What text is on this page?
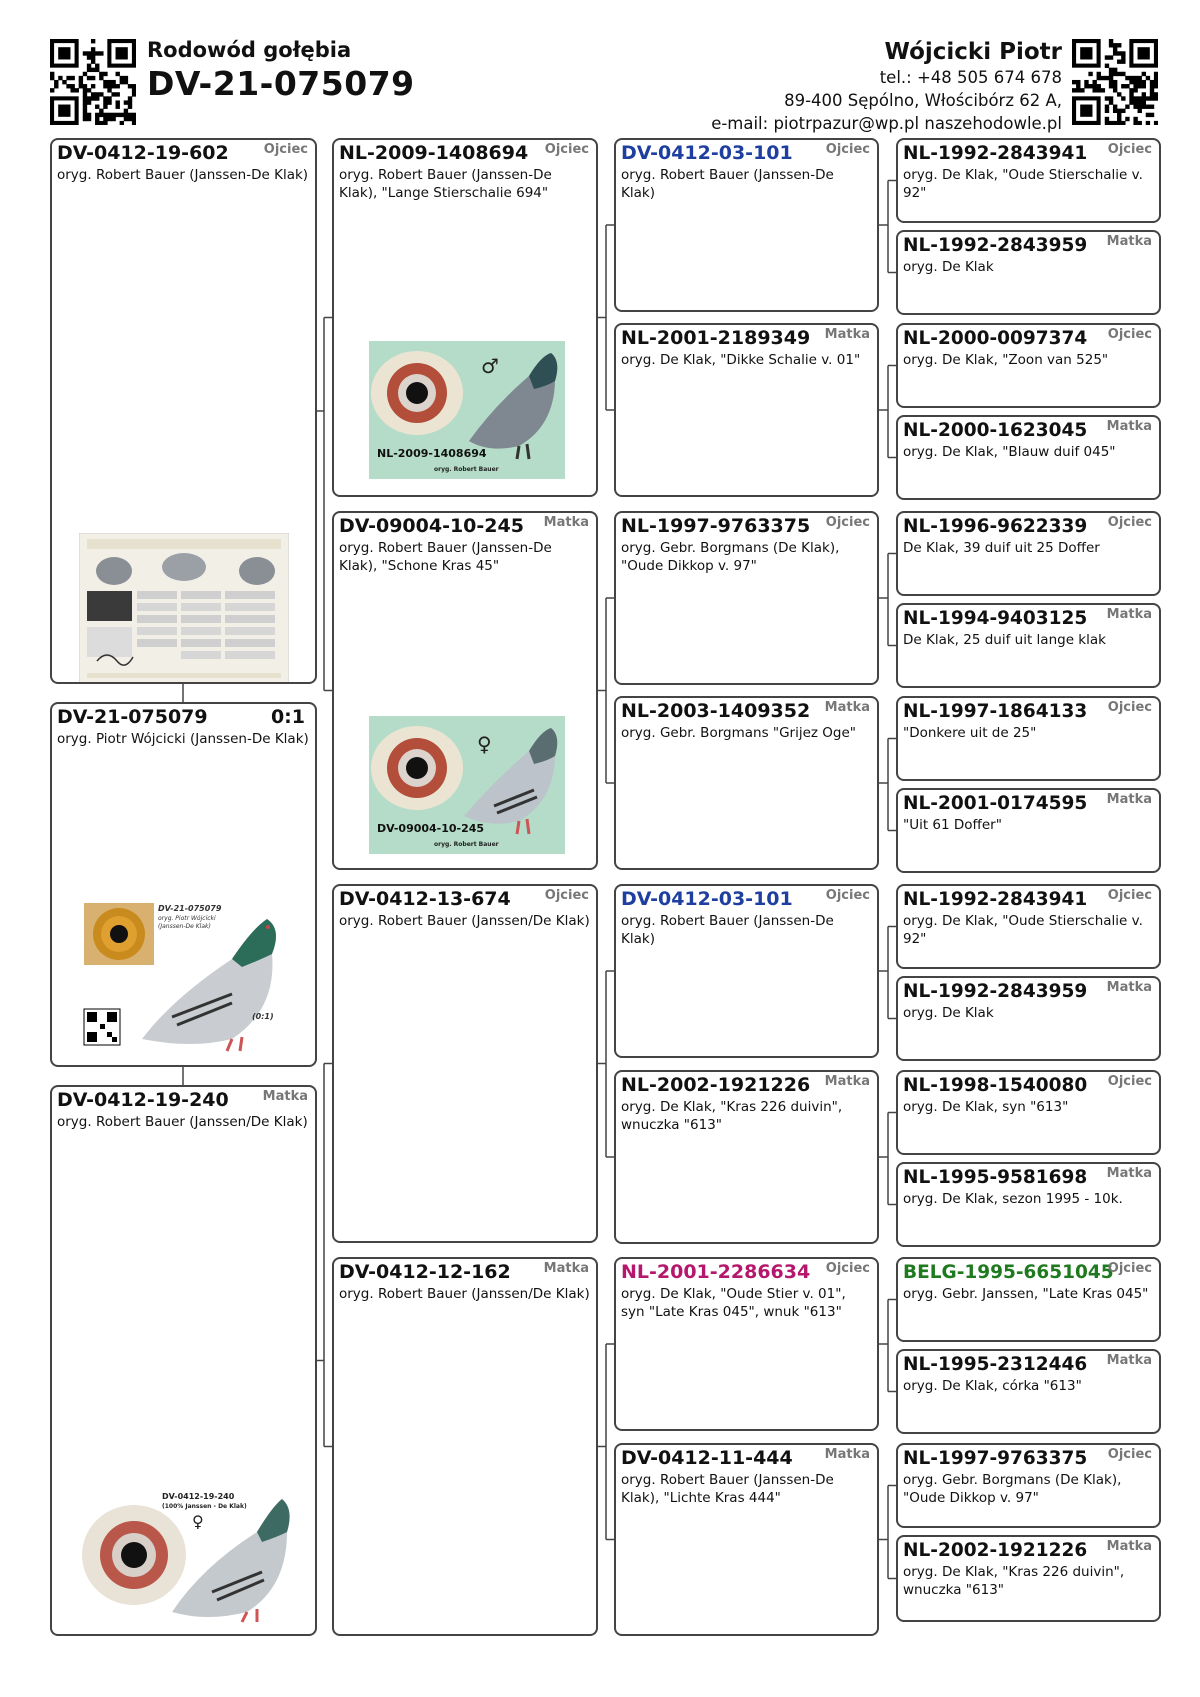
Rodowód gołębia
DV-21-075079
Wójcicki Piotr
tel.: +48 505 674 678
89-400 Sępólno, Włościbórz 62 A,
e-mail: piotrpazur@wp.pl naszehodowle.pl
DV-0412-19-602	Ojciec
oryg. Robert Bauer (Janssen-De Klak)
DV-21-075079	0:1
oryg. Piotr Wójcicki (Janssen-De Klak)
DV-21-075079
oryg. Piotr Wójcicki
(Janssen-De Klak)
(0:1)
DV-0412-19-240	Matka
oryg. Robert Bauer (Janssen/De Klak)
DV-0412-19-240
(100% Janssen - De Klak)
♀
NL-2009-1408694 Ojciec
oryg. Robert Bauer (Janssen-De Klak), "Lange Stierschalie 694"
♂
NL-2009-1408694
oryg. Robert Bauer
DV-09004-10-245 Matka
oryg. Robert Bauer (Janssen-De Klak), "Schone Kras 45"
♀
DV-09004-10-245
oryg. Robert Bauer
DV-0412-13-674	Ojciec
oryg. Robert Bauer (Janssen/De Klak)
DV-0412-12-162	Matka
oryg. Robert Bauer (Janssen/De Klak)
DV-0412-03-101	Ojciec
oryg. Robert Bauer (Janssen-De Klak)
NL-2001-2189349 Matka
oryg. De Klak, "Dikke Schalie v. 01"
NL-1997-9763375 Ojciec
oryg. Gebr. Borgmans (De Klak), "Oude Dikkop v. 97"
NL-2003-1409352 Matka
oryg. Gebr. Borgmans "Grijez Oge"
DV-0412-03-101	Ojciec
oryg. Robert Bauer (Janssen-De Klak)
NL-2002-1921226 Matka
oryg. De Klak, "Kras 226 duivin", wnuczka "613"
NL-2001-2286634 Ojciec
oryg. De Klak, "Oude Stier v. 01", syn "Late Kras 045", wnuk "613"
DV-0412-11-444 Matka
oryg. Robert Bauer (Janssen-De Klak), "Lichte Kras 444"
NL-1992-2843941 Ojciec
oryg. De Klak, "Oude Stierschalie v. 92"
NL-1992-2843959 Matka
oryg. De Klak
NL-2000-0097374 Ojciec
oryg. De Klak, "Zoon van 525"
NL-2000-1623045 Matka
oryg. De Klak, "Blauw duif 045"
NL-1996-9622339 Ojciec
De Klak, 39 duif uit 25 Doffer
NL-1994-9403125 Matka
De Klak, 25 duif uit lange klak
NL-1997-1864133 Ojciec
"Donkere uit de 25"
NL-2001-0174595 Matka
"Uit 61 Doffer"
NL-1992-2843941 Ojciec
oryg. De Klak, "Oude Stierschalie v. 92"
NL-1992-2843959 Matka
oryg. De Klak
NL-1998-1540080 Ojciec
oryg. De Klak, syn "613"
NL-1995-9581698 Matka
oryg. De Klak, sezon 1995 - 10k.
BELG-1995-6651045
Ojciec
oryg. Gebr. Janssen, "Late Kras 045"
NL-1995-2312446 Matka
oryg. De Klak, córka "613"
NL-1997-9763375 Ojciec
oryg. Gebr. Borgmans (De Klak), "Oude Dikkop v. 97"
NL-2002-1921226 Matka
oryg. De Klak, "Kras 226 duivin", wnuczka "613"
